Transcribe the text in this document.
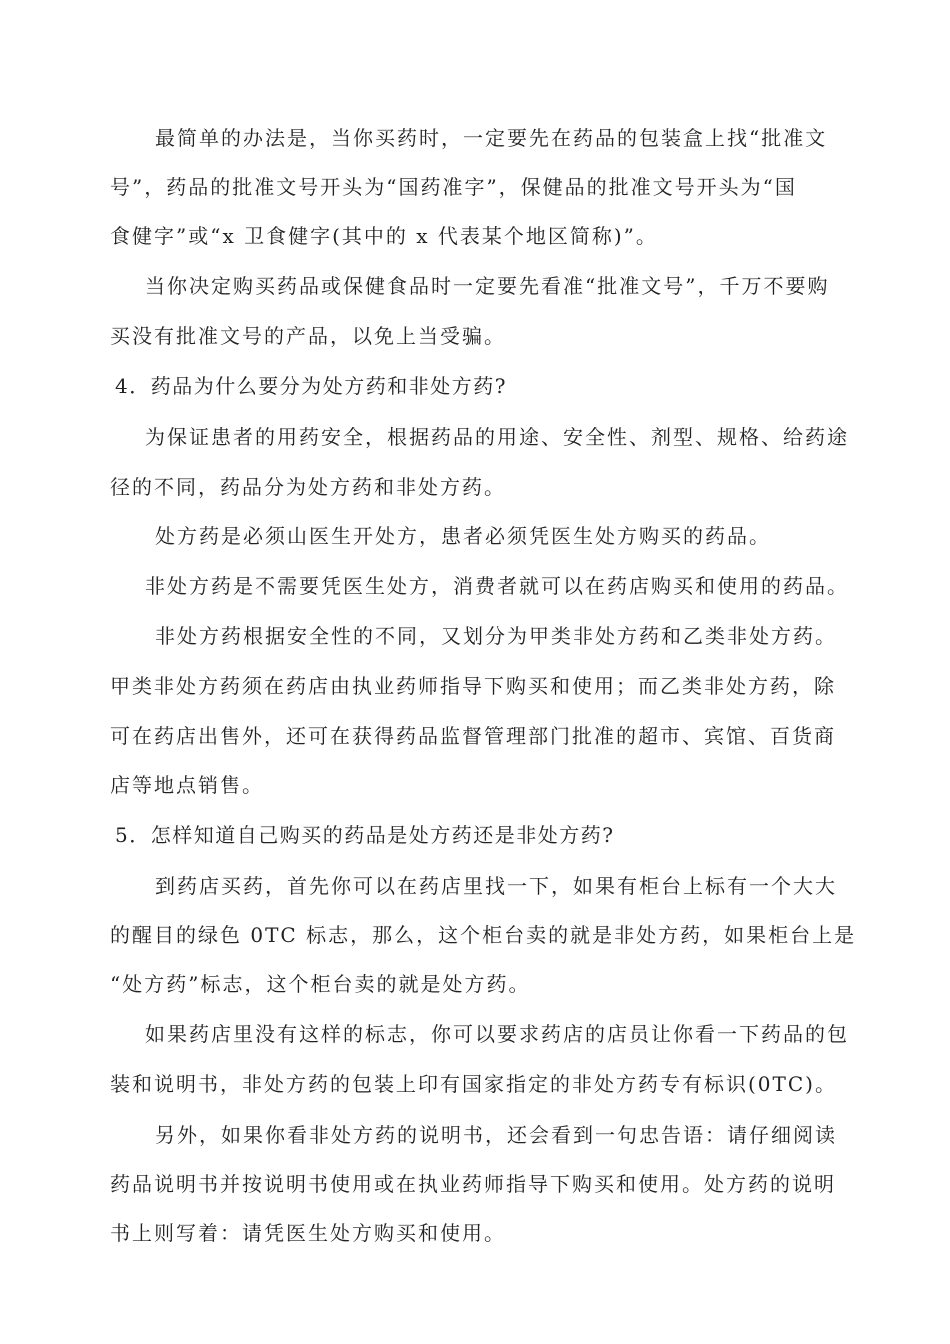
最简单的办法是，当你买药时，一定要先在药品的包装盒上找“批准文
号”，药品的批准文号开头为“国药准字”，保健品的批准文号开头为“国
食健字”或“x 卫食健字(其中的 x 代表某个地区简称)”。
当你决定购买药品或保健食品时一定要先看准“批准文号”，千万不要购
买没有批准文号的产品，以免上当受骗。
4．药品为什么要分为处方药和非处方药?
为保证患者的用药安全，根据药品的用途、安全性、剂型、规格、给药途
径的不同，药品分为处方药和非处方药。
处方药是必须山医生开处方，患者必须凭医生处方购买的药品。
非处方药是不需要凭医生处方，消费者就可以在药店购买和使用的药品。
非处方药根据安全性的不同，又划分为甲类非处方药和乙类非处方药。
甲类非处方药须在药店由执业药师指导下购买和使用；而乙类非处方药，除
可在药店出售外，还可在获得药品监督管理部门批准的超市、宾馆、百货商
店等地点销售。
5．怎样知道自己购买的药品是处方药还是非处方药?
到药店买药，首先你可以在药店里找一下，如果有柜台上标有一个大大
的醒目的绿色 0TC 标志，那么，这个柜台卖的就是非处方药，如果柜台上是
“处方药”标志，这个柜台卖的就是处方药。
如果药店里没有这样的标志，你可以要求药店的店员让你看一下药品的包
装和说明书，非处方药的包装上印有国家指定的非处方药专有标识(0TC)。
另外，如果你看非处方药的说明书，还会看到一句忠告语：请仔细阅读
药品说明书并按说明书使用或在执业药师指导下购买和使用。处方药的说明
书上则写着：请凭医生处方购买和使用。
